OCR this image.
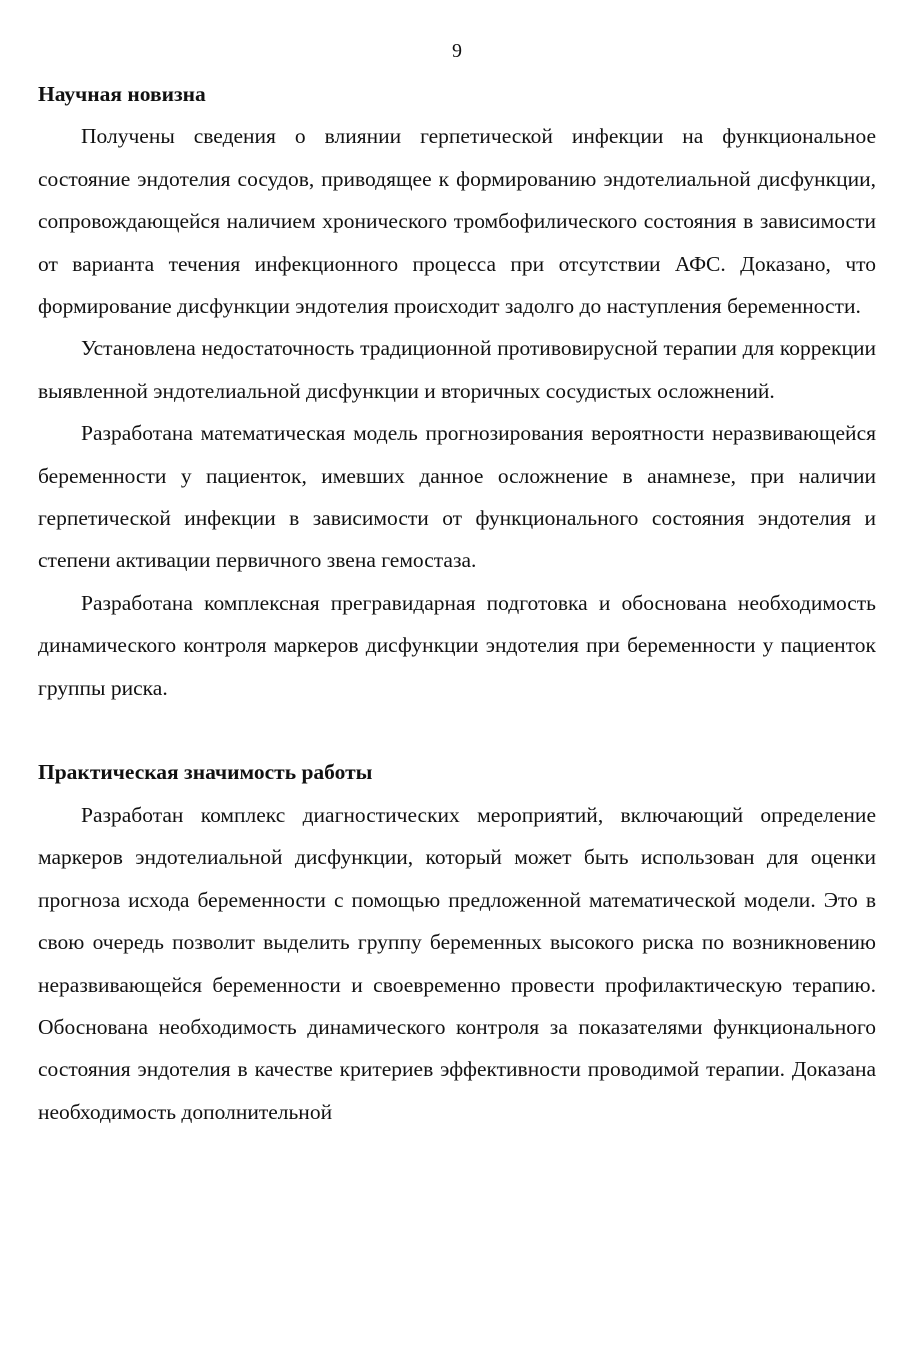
9

Научная новизна

Получены сведения о влиянии герпетической инфекции на функциональное состояние эндотелия сосудов, приводящее к формированию эндотелиальной дисфункции, сопровождающейся наличием хронического тромбофилического состояния в зависимости от варианта течения инфекционного процесса при отсутствии АФС. Доказано, что формирование дисфункции эндотелия происходит задолго до наступления беременности.

Установлена недостаточность традиционной противовирусной терапии для коррекции выявленной эндотелиальной дисфункции и вторичных сосудистых осложнений.

Разработана математическая модель прогнозирования вероятности неразвивающейся беременности у пациенток, имевших данное осложнение в анамнезе, при наличии герпетической инфекции в зависимости от функционального состояния эндотелия и степени активации первичного звена гемостаза.

Разработана комплексная прегравидарная подготовка и обоснована необходимость динамического контроля маркеров дисфункции эндотелия при беременности у пациенток группы риска.

Практическая значимость работы

Разработан комплекс диагностических мероприятий, включающий определение маркеров эндотелиальной дисфункции, который может быть использован для оценки прогноза исхода беременности с помощью предложенной математической модели. Это в свою очередь позволит выделить группу беременных высокого риска по возникновению неразвивающейся беременности и своевременно провести профилактическую терапию. Обоснована необходимость динамического контроля за показателями функционального состояния эндотелия в качестве критериев эффективности проводимой терапии. Доказана необходимость дополнительной
